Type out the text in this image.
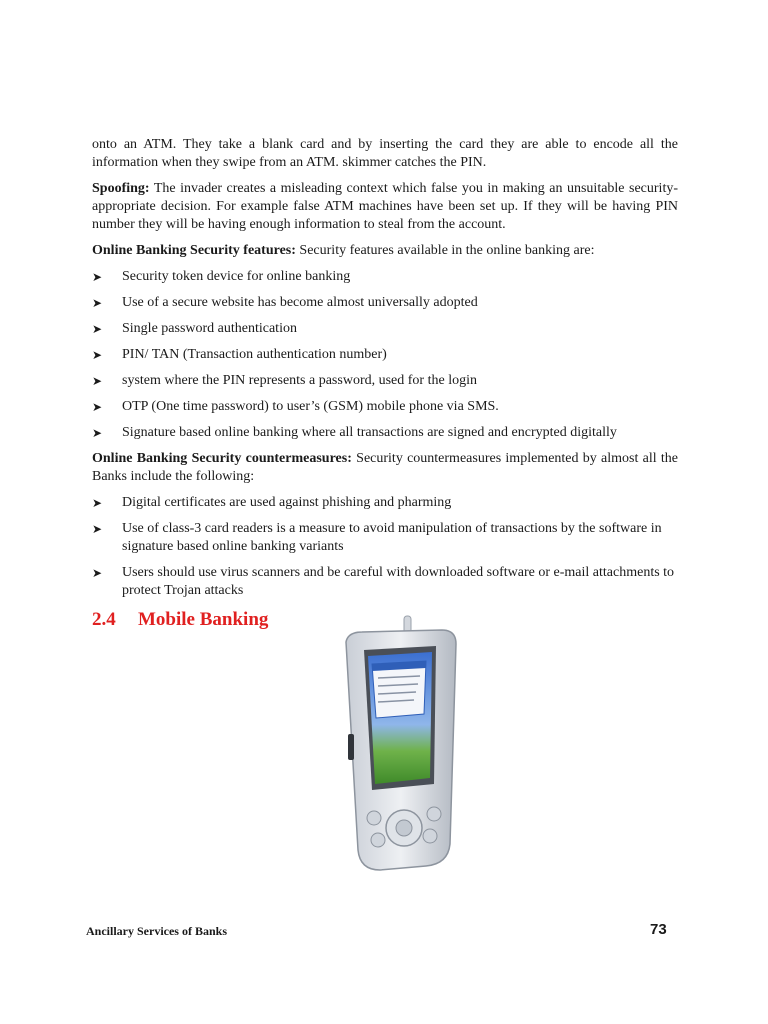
onto an ATM. They take a blank card and by inserting the card they are able to encode all the information when they swipe from an ATM. skimmer catches the PIN.

Spoofing: The invader creates a misleading context which false you in making an unsuitable security-appropriate decision. For example false ATM machines have been set up. If they will be having PIN number they will be having enough information to steal from the account.

Online Banking Security features: Security features available in the online banking are:

➤ Security token device for online banking
➤ Use of a secure website has become almost universally adopted
➤ Single password authentication
➤ PIN/ TAN (Transaction authentication number)
➤ system where the PIN represents a password, used for the login
➤ OTP (One time password) to user’s (GSM) mobile phone via SMS.
➤ Signature based online banking where all transactions are signed and encrypted digitally

Online Banking Security countermeasures: Security countermeasures implemented by almost all the Banks include the following:

➤ Digital certificates are used against phishing and pharming
➤ Use of class-3 card readers is a measure to avoid manipulation of transactions by the software in signature based online banking variants
➤ Users should use virus scanners and be careful with downloaded software or e-mail attachments to protect Trojan attacks
2.4 Mobile Banking
Ancillary Services of Banks	73
